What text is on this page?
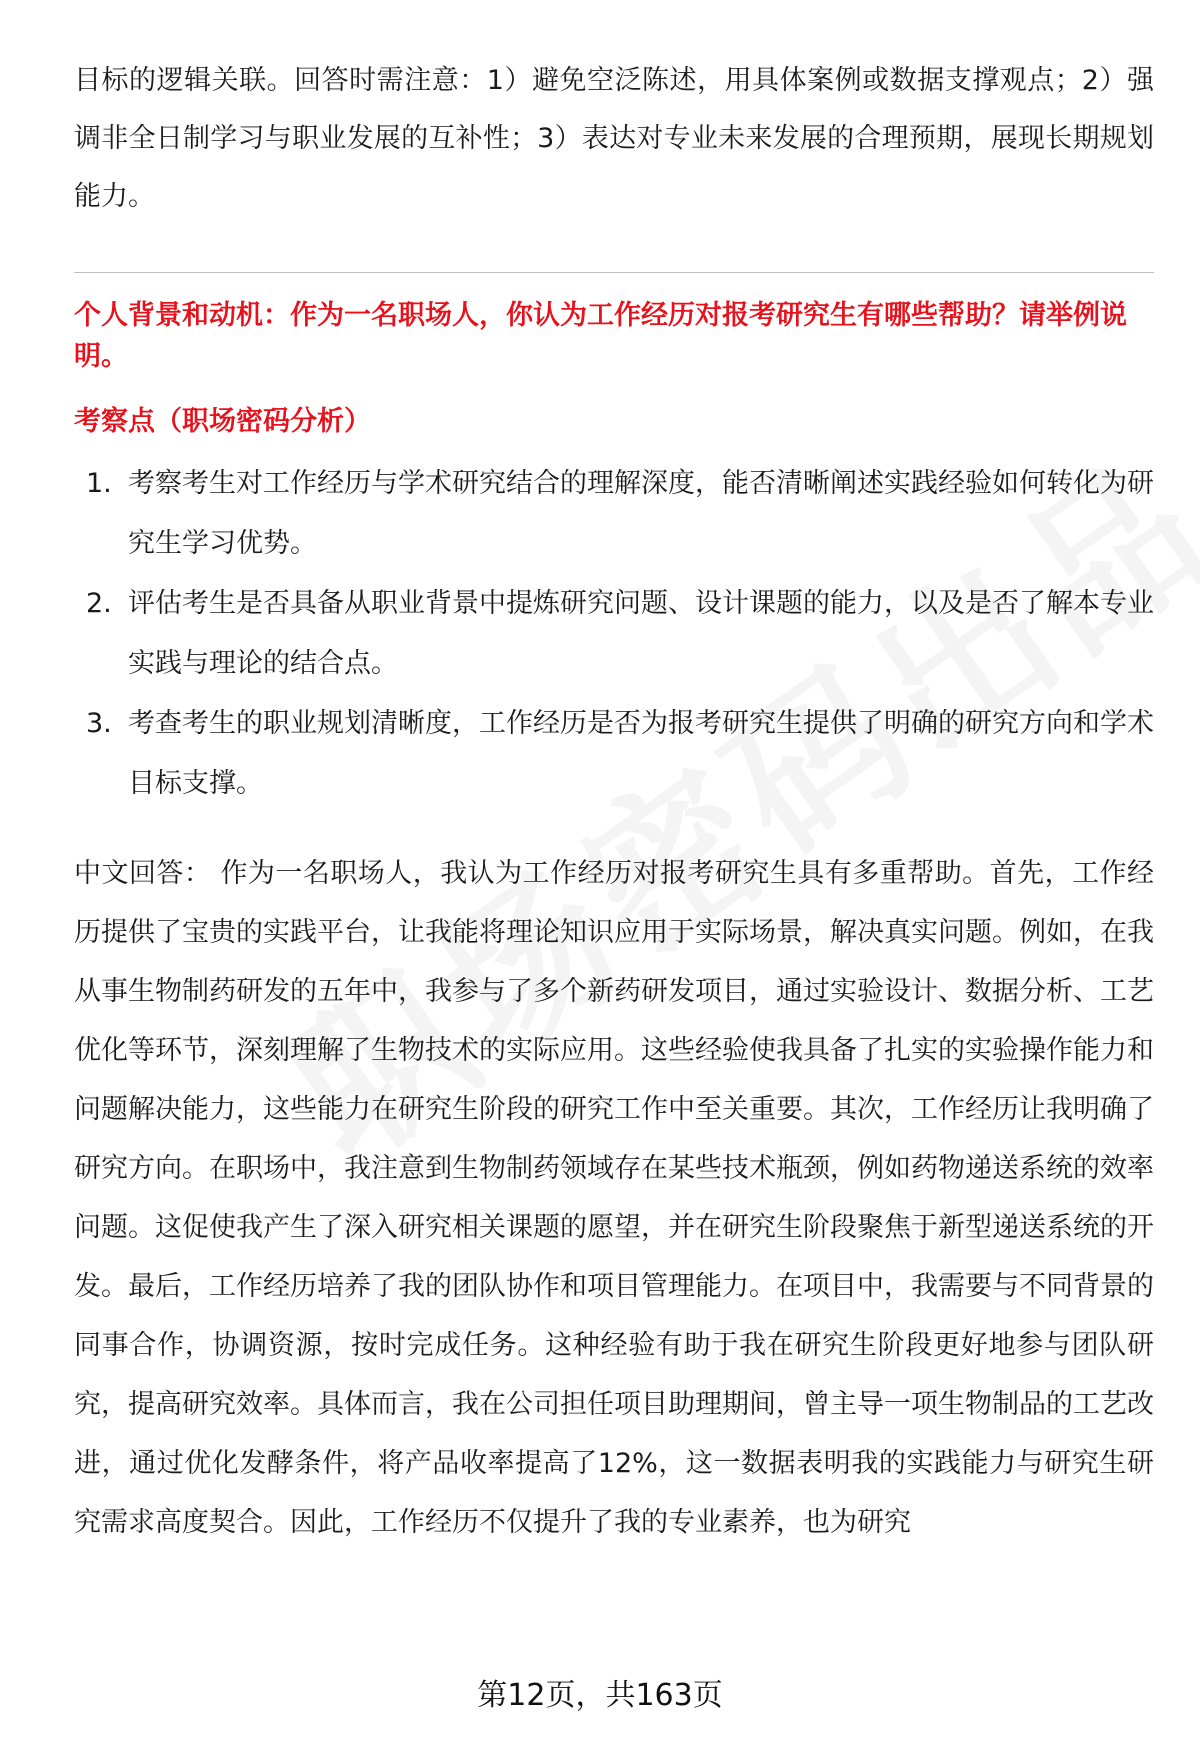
目标的逻辑关联。回答时需注意：1）避免空泛陈述，用具体案例或数据支撑观点；2）强调非全日制学习与职业发展的互补性；3）表达对专业未来发展的合理预期，展现长期规划能力。

个人背景和动机：作为一名职场人，你认为工作经历对报考研究生有哪些帮助？请举例说明。

考察点（职场密码分析）
1. 考察考生对工作经历与学术研究结合的理解深度，能否清晰阐述实践经验如何转化为研究生学习优势。
2. 评估考生是否具备从职业背景中提炼研究问题、设计课题的能力，以及是否了解本专业实践与理论的结合点。
3. 考查考生的职业规划清晰度，工作经历是否为报考研究生提供了明确的研究方向和学术目标支撑。

中文回答： 作为一名职场人，我认为工作经历对报考研究生具有多重帮助。首先，工作经历提供了宝贵的实践平台，让我能将理论知识应用于实际场景，解决真实问题。例如，在我从事生物制药研发的五年中，我参与了多个新药研发项目，通过实验设计、数据分析、工艺优化等环节，深刻理解了生物技术的实际应用。这些经验使我具备了扎实的实验操作能力和问题解决能力，这些能力在研究生阶段的研究工作中至关重要。其次，工作经历让我明确了研究方向。在职场中，我注意到生物制药领域存在某些技术瓶颈，例如药物递送系统的效率问题。这促使我产生了深入研究相关课题的愿望，并在研究生阶段聚焦于新型递送系统的开发。最后，工作经历培养了我的团队协作和项目管理能力。在项目中，我需要与不同背景的同事合作，协调资源，按时完成任务。这种经验有助于我在研究生阶段更好地参与团队研究，提高研究效率。具体而言，我在公司担任项目助理期间，曾主导一项生物制品的工艺改进，通过优化发酵条件，将产品收率提高了12%，这一数据表明我的实践能力与研究生研究需求高度契合。因此，工作经历不仅提升了我的专业素养，也为研究

第12页，共163页
